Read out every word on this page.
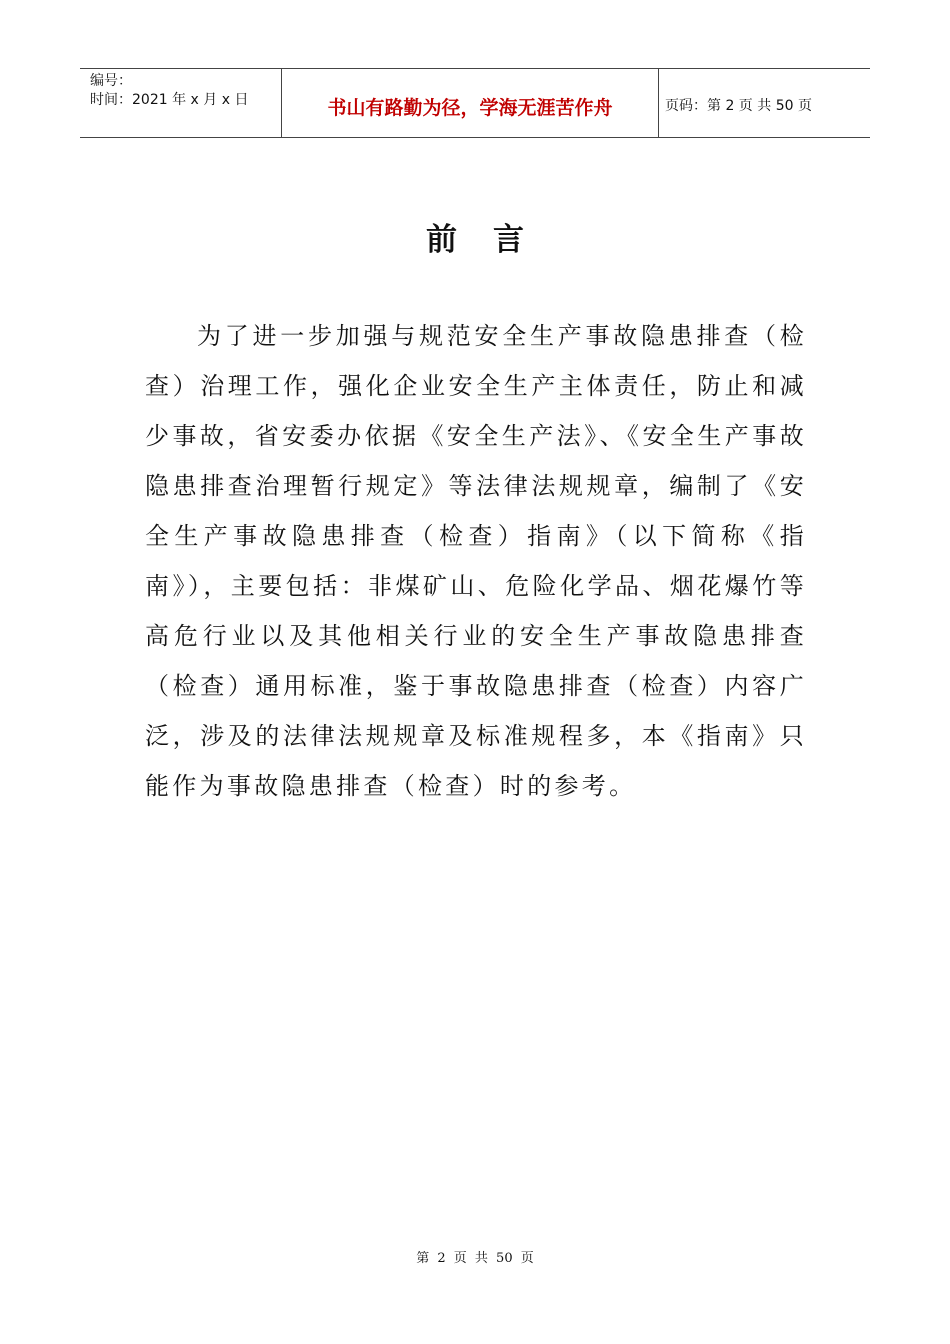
编号：
时间：2021 年 x 月 x 日	书山有路勤为径，学海无涯苦作舟	页码：第 2 页 共 50 页
前言
为了进一步加强与规范安全生产事故隐患排查（检查）治理工作，强化企业安全生产主体责任，防止和减少事故，省安委办依据《安全生产法》、《安全生产事故隐患排查治理暂行规定》等法律法规规章，编制了《安全生产事故隐患排查（检查）指南》（以下简称《指南》），主要包括：非煤矿山、危险化学品、烟花爆竹等高危行业以及其他相关行业的安全生产事故隐患排查（检查）通用标准，鉴于事故隐患排查（检查）内容广泛，涉及的法律法规规章及标准规程多，本《指南》只能作为事故隐患排查（检查）时的参考。
第 2 页 共 50 页
